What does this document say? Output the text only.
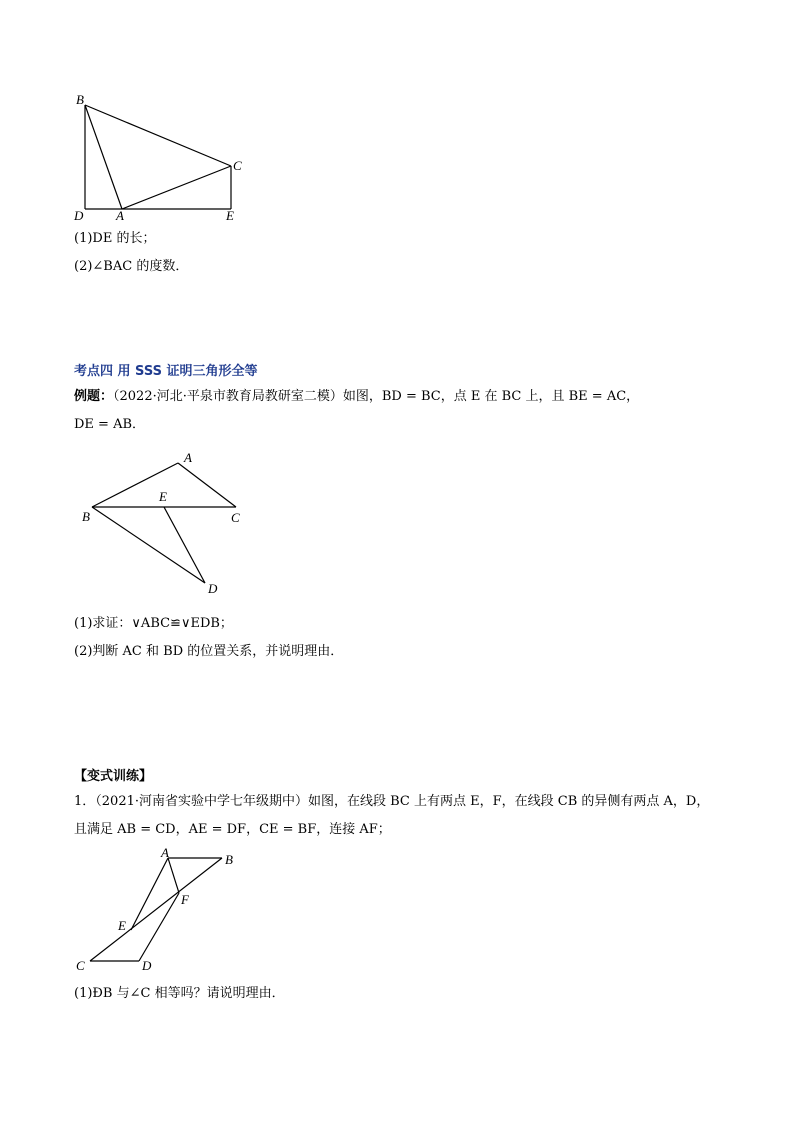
B
C
D	A	E
(1)DE 的长；
(2)∠BAC 的度数．
考点四 用 SSS 证明三角形全等
例题：（2022·河北·平泉市教育局教研室二模）如图，BD = BC，点 E 在 BC 上，且 BE = AC，
DE = AB．
A
E
B	C
D
(1)求证：∨ABC≌∨EDB；
(2)判断 AC 和 BD 的位置关系，并说明理由．
【变式训练】
1．（2021·河南省实验中学七年级期中）如图，在线段 BC 上有两点 E，F，在线段 CB 的异侧有两点 A，D，
且满足 AB = CD，AE = DF，CE = BF，连接 AF；
A	B
F
E
C	D
(1)ÐB 与∠C 相等吗？请说明理由．
